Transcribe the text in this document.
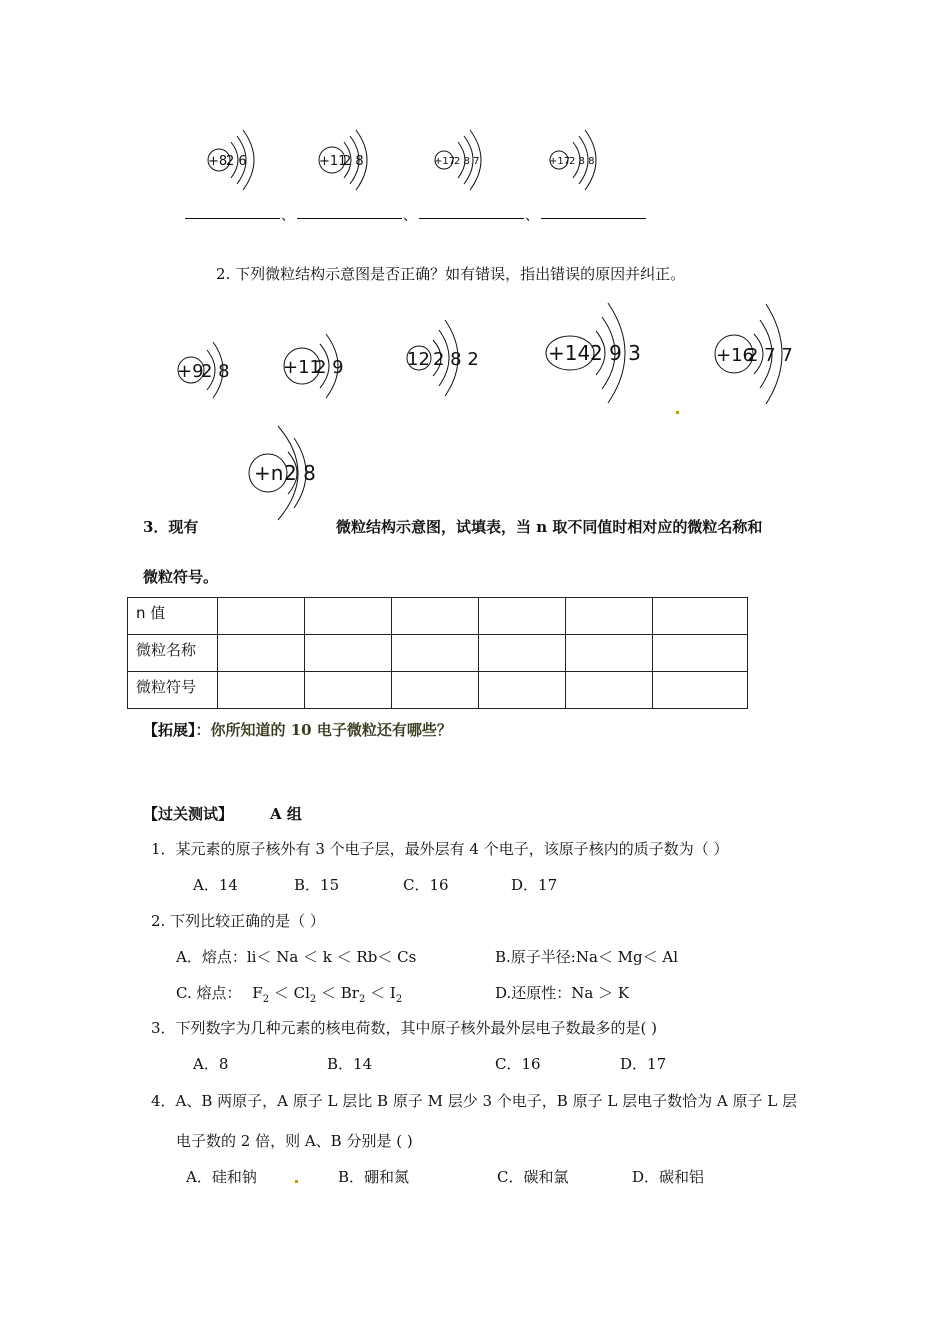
+8
2 6	+11
2 8	+17
2 8 7	+17
2 8 8
、	、	、
2. 下列微粒结构示意图是否正确？如有错误，指出错误的原因并纠正。
+9
2 8	+11
2 9	12 2 8 2	+14 2 9 3	+16
2 7 7
+n 2 8
3．现有	微粒结构示意图，试填表，当 n 取不同值时相对应的微粒名称和
微粒符号。
n 值						
微粒名称						
微粒符号						
【拓展】：你所知道的 10 电子微粒还有哪些？
【过关测试】 A 组
1．某元素的原子核外有 3 个电子层，最外层有 4 个电子，该原子核内的质子数为（ ）
A．14	B．15	C．16	D．17
2. 下列比较正确的是（ ）
A．熔点：li＜ Na ＜ k ＜ Rb＜ Cs	B.原子半径:Na＜ Mg＜ Al
C. 熔点： $F_2 < Cl_2 < Br_2 < I_2$	D.还原性：Na ＞ K
3．下列数字为几种元素的核电荷数，其中原子核外最外层电子数最多的是( )
A．8	B．14	C．16	D．17
4．A、B 两原子，A 原子 L 层比 B 原子 M 层少 3 个电子，B 原子 L 层电子数恰为 A 原子 L 层
电子数的 2 倍，则 A、B 分别是 ( )
A．硅和钠	B．硼和氮	C．碳和氯	D．碳和铝
